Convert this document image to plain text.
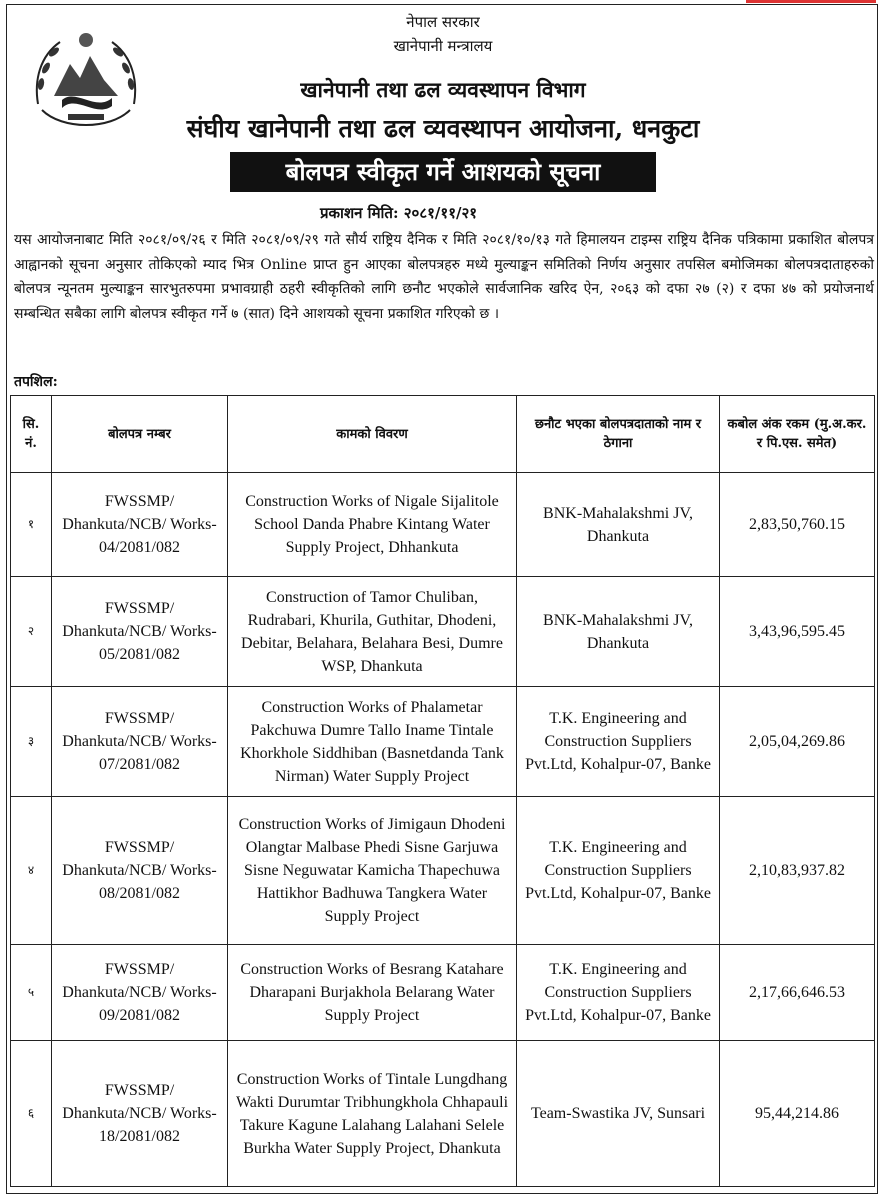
नेपाल सरकार
खानेपानी मन्त्रालय
खानेपानी तथा ढल व्यवस्थापन विभाग
संघीय खानेपानी तथा ढल व्यवस्थापन आयोजना, धनकुटा
बोलपत्र स्वीकृत गर्ने आशयको सूचना
प्रकाशन मिति: २०८१/११/२१

यस आयोजनाबाट मिति २०८१/०९/२६ र मिति २०८१/०९/२९ गते सौर्य राष्ट्रिय दैनिक र मिति २०८१/१०/१३ गते हिमालयन टाइम्स राष्ट्रिय दैनिक पत्रिकामा प्रकाशित बोलपत्र आह्वानको सूचना अनुसार तोकिएको म्याद भित्र Online प्राप्त हुन आएका बोलपत्रहरु मध्ये मुल्याङ्कन समितिको निर्णय अनुसार तपसिल बमोजिमका बोलपत्रदाताहरुको बोलपत्र न्यूनतम मुल्याङ्कन सारभुतरुपमा प्रभावग्राही ठहरी स्वीकृतिको लागि छनौट भएकोले सार्वजानिक खरिद ऐन, २०६३ को दफा २७ (२) र दफा ४७ को प्रयोजनार्थ सम्बन्धित सबैका लागि बोलपत्र स्वीकृत गर्ने ७ (सात) दिने आशयको सूचना प्रकाशित गरिएको छ ।

तपशिल:
सि. नं.	बोलपत्र नम्बर	कामको विवरण	छनौट भएका बोलपत्रदाताको नाम र ठेगाना	कबोल अंक रकम (मु.अ.कर. र पि.एस. समेत)
१	FWSSMP/ Dhankuta/NCB/ Works-04/2081/082	Construction Works of Nigale Sijalitole School Danda Phabre Kintang Water Supply Project, Dhhankuta	BNK-Mahalakshmi JV, Dhankuta	2,83,50,760.15
२	FWSSMP/ Dhankuta/NCB/ Works-05/2081/082	Construction of Tamor Chuliban, Rudrabari, Khurila, Guthitar, Dhodeni, Debitar, Belahara, Belahara Besi, Dumre WSP, Dhankuta	BNK-Mahalakshmi JV, Dhankuta	3,43,96,595.45
३	FWSSMP/ Dhankuta/NCB/ Works-07/2081/082	Construction Works of Phalametar Pakchuwa Dumre Tallo Iname Tintale Khorkhole Siddhiban (Basnetdanda Tank Nirman) Water Supply Project	T.K. Engineering and Construction Suppliers Pvt.Ltd, Kohalpur-07, Banke	2,05,04,269.86
४	FWSSMP/ Dhankuta/NCB/ Works-08/2081/082	Construction Works of Jimigaun Dhodeni Olangtar Malbase Phedi Sisne Garjuwa Sisne Neguwatar Kamicha Thapechuwa Hattikhor Badhuwa Tangkera Water Supply Project	T.K. Engineering and Construction Suppliers Pvt.Ltd, Kohalpur-07, Banke	2,10,83,937.82
५	FWSSMP/ Dhankuta/NCB/ Works-09/2081/082	Construction Works of Besrang Katahare Dharapani Burjakhola Belarang Water Supply Project	T.K. Engineering and Construction Suppliers Pvt.Ltd, Kohalpur-07, Banke	2,17,66,646.53
६	FWSSMP/ Dhankuta/NCB/ Works-18/2081/082	Construction Works of Tintale Lungdhang Wakti Durumtar Tribhungkhola Chhapauli Takure Kagune Lalahang Lalahani Selele Burkha Water Supply Project, Dhankuta	Team-Swastika JV, Sunsari	95,44,214.86
